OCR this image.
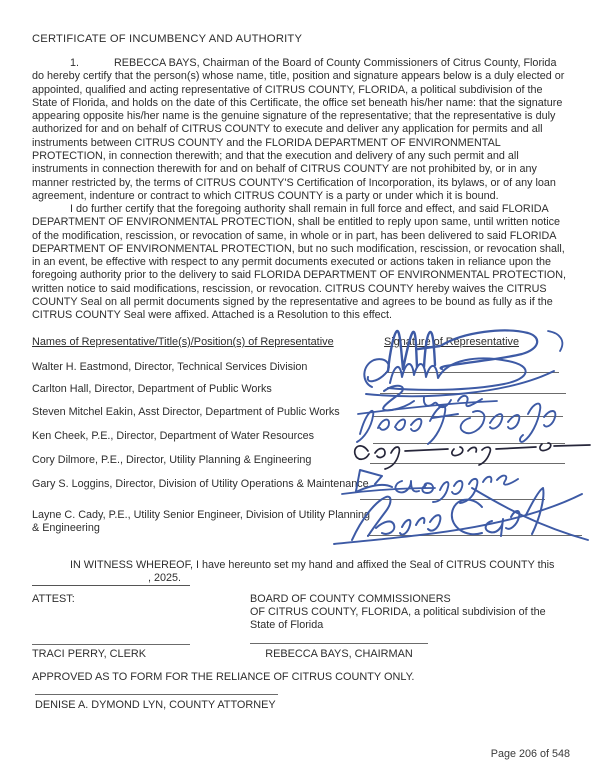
CERTIFICATE OF INCUMBENCY AND AUTHORITY
1.	REBECCA BAYS, Chairman of the Board of County Commissioners of Citrus County, Florida do hereby certify that the person(s) whose name, title, position and signature appears below is a duly elected or appointed, qualified and acting representative of CITRUS COUNTY, FLORIDA, a political subdivision of the State of Florida, and holds on the date of this Certificate, the office set beneath his/her name: that the signature appearing opposite his/her name is the genuine signature of the representative; that the representative is duly authorized for and on behalf of CITRUS COUNTY to execute and deliver any application for permits and all instruments between CITRUS COUNTY and the FLORIDA DEPARTMENT OF ENVIRONMENTAL PROTECTION, in connection therewith; and that the execution and delivery of any such permit and all instruments in connection therewith for and on behalf of CITRUS COUNTY are not prohibited by, or in any manner restricted by, the terms of CITRUS COUNTY'S Certification of Incorporation, its bylaws, or of any loan agreement, indenture or contract to which CITRUS COUNTY is a party or under which it is bound.
I do further certify that the foregoing authority shall remain in full force and effect, and said FLORIDA DEPARTMENT OF ENVIRONMENTAL PROTECTION, shall be entitled to reply upon same, until written notice of the modification, rescission, or revocation of same, in whole or in part, has been delivered to said FLORIDA DEPARTMENT OF ENVIRONMENTAL PROTECTION, but no such modification, rescission, or revocation shall, in an event, be effective with respect to any permit documents executed or actions taken in reliance upon the foregoing authority prior to the delivery to said FLORIDA DEPARTMENT OF ENVIRONMENTAL PROTECTION, written notice to said modifications, rescission, or revocation. CITRUS COUNTY hereby waives the CITRUS COUNTY Seal on all permit documents signed by the representative and agrees to be bound as fully as if the CITRUS COUNTY Seal were affixed. Attached is a Resolution to this effect.
Names of Representative/Title(s)/Position(s) of Representative	Signature of Representative
Walter H. Eastmond, Director, Technical Services Division
Carlton Hall, Director, Department of Public Works
Steven Mitchel Eakin, Asst Director, Department of Public Works
Ken Cheek, P.E., Director, Department of Water Resources
Cory Dilmore, P.E., Director, Utility Planning & Engineering
Gary S. Loggins, Director, Division of Utility Operations & Maintenance
Layne C. Cady, P.E., Utility Senior Engineer, Division of Utility Planning & Engineering
IN WITNESS WHEREOF, I have hereunto set my hand and affixed the Seal of CITRUS COUNTY this
, 2025.
ATTEST:	BOARD OF COUNTY COMMISSIONERS
OF CITRUS COUNTY, FLORIDA, a political subdivision of the
State of Florida
TRACI PERRY, CLERK	REBECCA BAYS, CHAIRMAN
APPROVED AS TO FORM FOR THE RELIANCE OF CITRUS COUNTY ONLY.
DENISE A. DYMOND LYN, COUNTY ATTORNEY
Page 206 of 548
